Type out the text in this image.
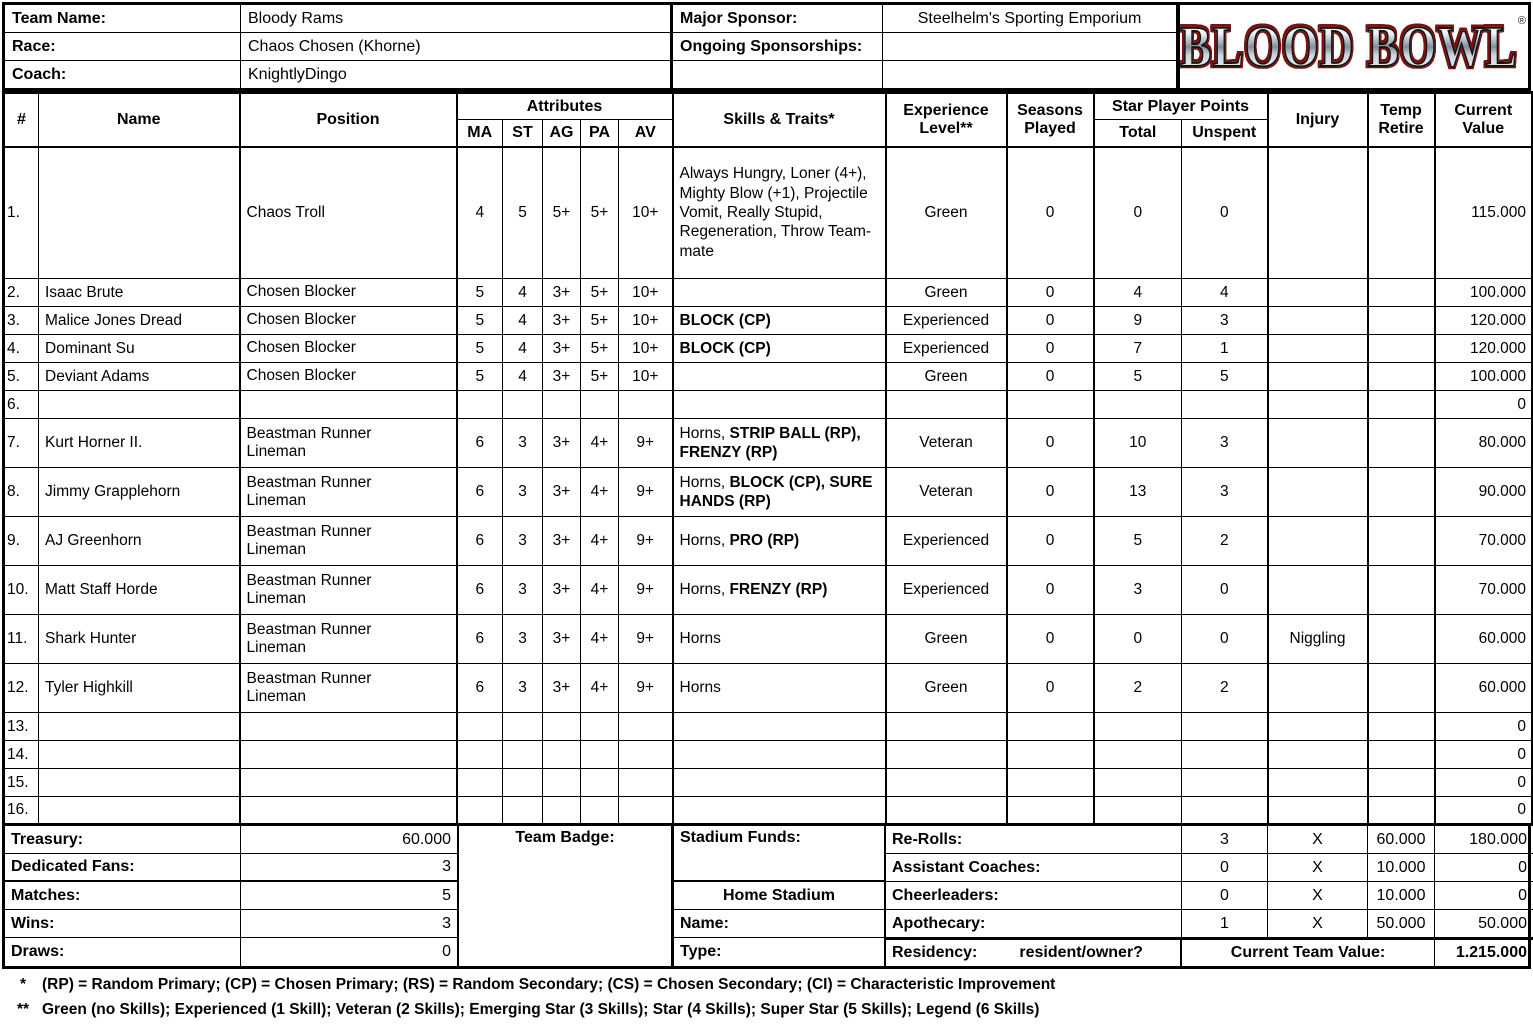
Team Name:	Bloody Rams	Major Sponsor:	Steelhelm's Sporting Emporium BLOOD BOWL ®
Race:	Chaos Chosen (Khorne)	Ongoing Sponsorships:
Coach:	KnightlyDingo
#	Name	Position	Attributes					Skills & Traits*	Experience Level**	Seasons Played	Star Player Points		Injury	Temp Retire	Current Value
			MA	ST	AG	PA	AV				Total	Unspent			
1.		Chaos Troll	4	5	5+	5+	10+	Always Hungry, Loner (4+), Mighty Blow (+1), Projectile Vomit, Really Stupid, Regeneration, Throw Team-mate	Green	0	0	0			115.000
2.	Isaac Brute	Chosen Blocker	5	4	3+	5+	10+		Green	0	4	4			100.000
3.	Malice Jones Dread	Chosen Blocker	5	4	3+	5+	10+	BLOCK (CP)	Experienced	0	9	3			120.000
4.	Dominant Su	Chosen Blocker	5	4	3+	5+	10+	BLOCK (CP)	Experienced	0	7	1			120.000
5.	Deviant Adams	Chosen Blocker	5	4	3+	5+	10+		Green	0	5	5			100.000
6.															0
7.	Kurt Horner II.	Beastman Runner Lineman	6	3	3+	4+	9+	Horns, STRIP BALL (RP), FRENZY (RP)	Veteran	0	10	3			80.000
8.	Jimmy Grapplehorn	Beastman Runner Lineman	6	3	3+	4+	9+	Horns, BLOCK (CP), SURE HANDS (RP)	Veteran	0	13	3			90.000
9.	AJ Greenhorn	Beastman Runner Lineman	6	3	3+	4+	9+	Horns, PRO (RP)	Experienced	0	5	2			70.000
10.	Matt Staff Horde	Beastman Runner Lineman	6	3	3+	4+	9+	Horns, FRENZY (RP)	Experienced	0	3	0			70.000
11.	Shark Hunter	Beastman Runner Lineman	6	3	3+	4+	9+	Horns	Green	0	0	0	Niggling		60.000
12.	Tyler Highkill	Beastman Runner Lineman	6	3	3+	4+	9+	Horns	Green	0	2	2			60.000
13.															0
14.															0
15.															0
16.															0
Treasury:	60.000
Dedicated Fans:	3
Matches:	5
Wins:	3
Draws:	0
Team Badge:	Stadium Funds:
Home Stadium
Name:
Type:
Re-Rolls:	3	X	60.000	180.000
Assistant Coaches:	0	X	10.000	0
Cheerleaders:	0	X	10.000	0
Apothecary:	1	X	50.000	50.000
Residency:	resident/owner?	Current Team Value:	1.215.000
*	(RP) = Random Primary; (CP) = Chosen Primary; (RS) = Random Secondary; (CS) = Chosen Secondary; (CI) = Characteristic Improvement
** Green (no Skills); Experienced (1 Skill); Veteran (2 Skills); Emerging Star (3 Skills); Star (4 Skills); Super Star (5 Skills); Legend (6 Skills)
